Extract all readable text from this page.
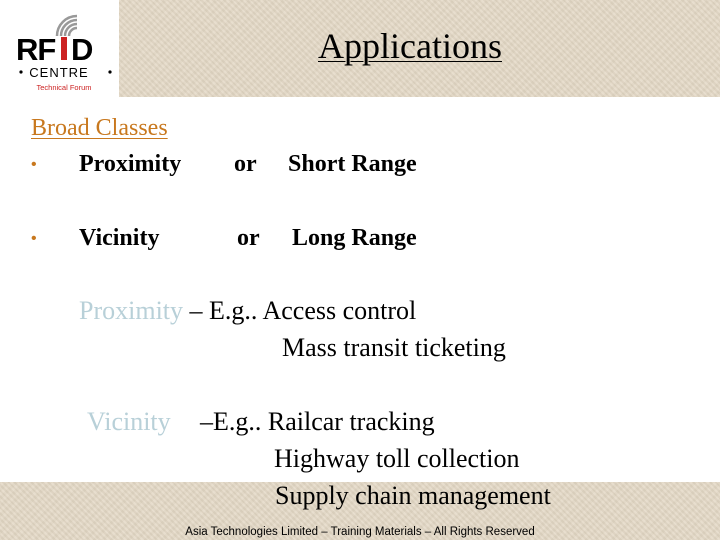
RF D
CENTRE
Technical Forum
Applications
Broad Classes
• Proximity or Short Range
• Vicinity	or Long Range
Proximity – E.g.. Access control
Mass transit ticketing
Vicinity –E.g.. Railcar tracking
Highway toll collection
Supply chain management
Asia Technologies Limited – Training Materials – All Rights Reserved
